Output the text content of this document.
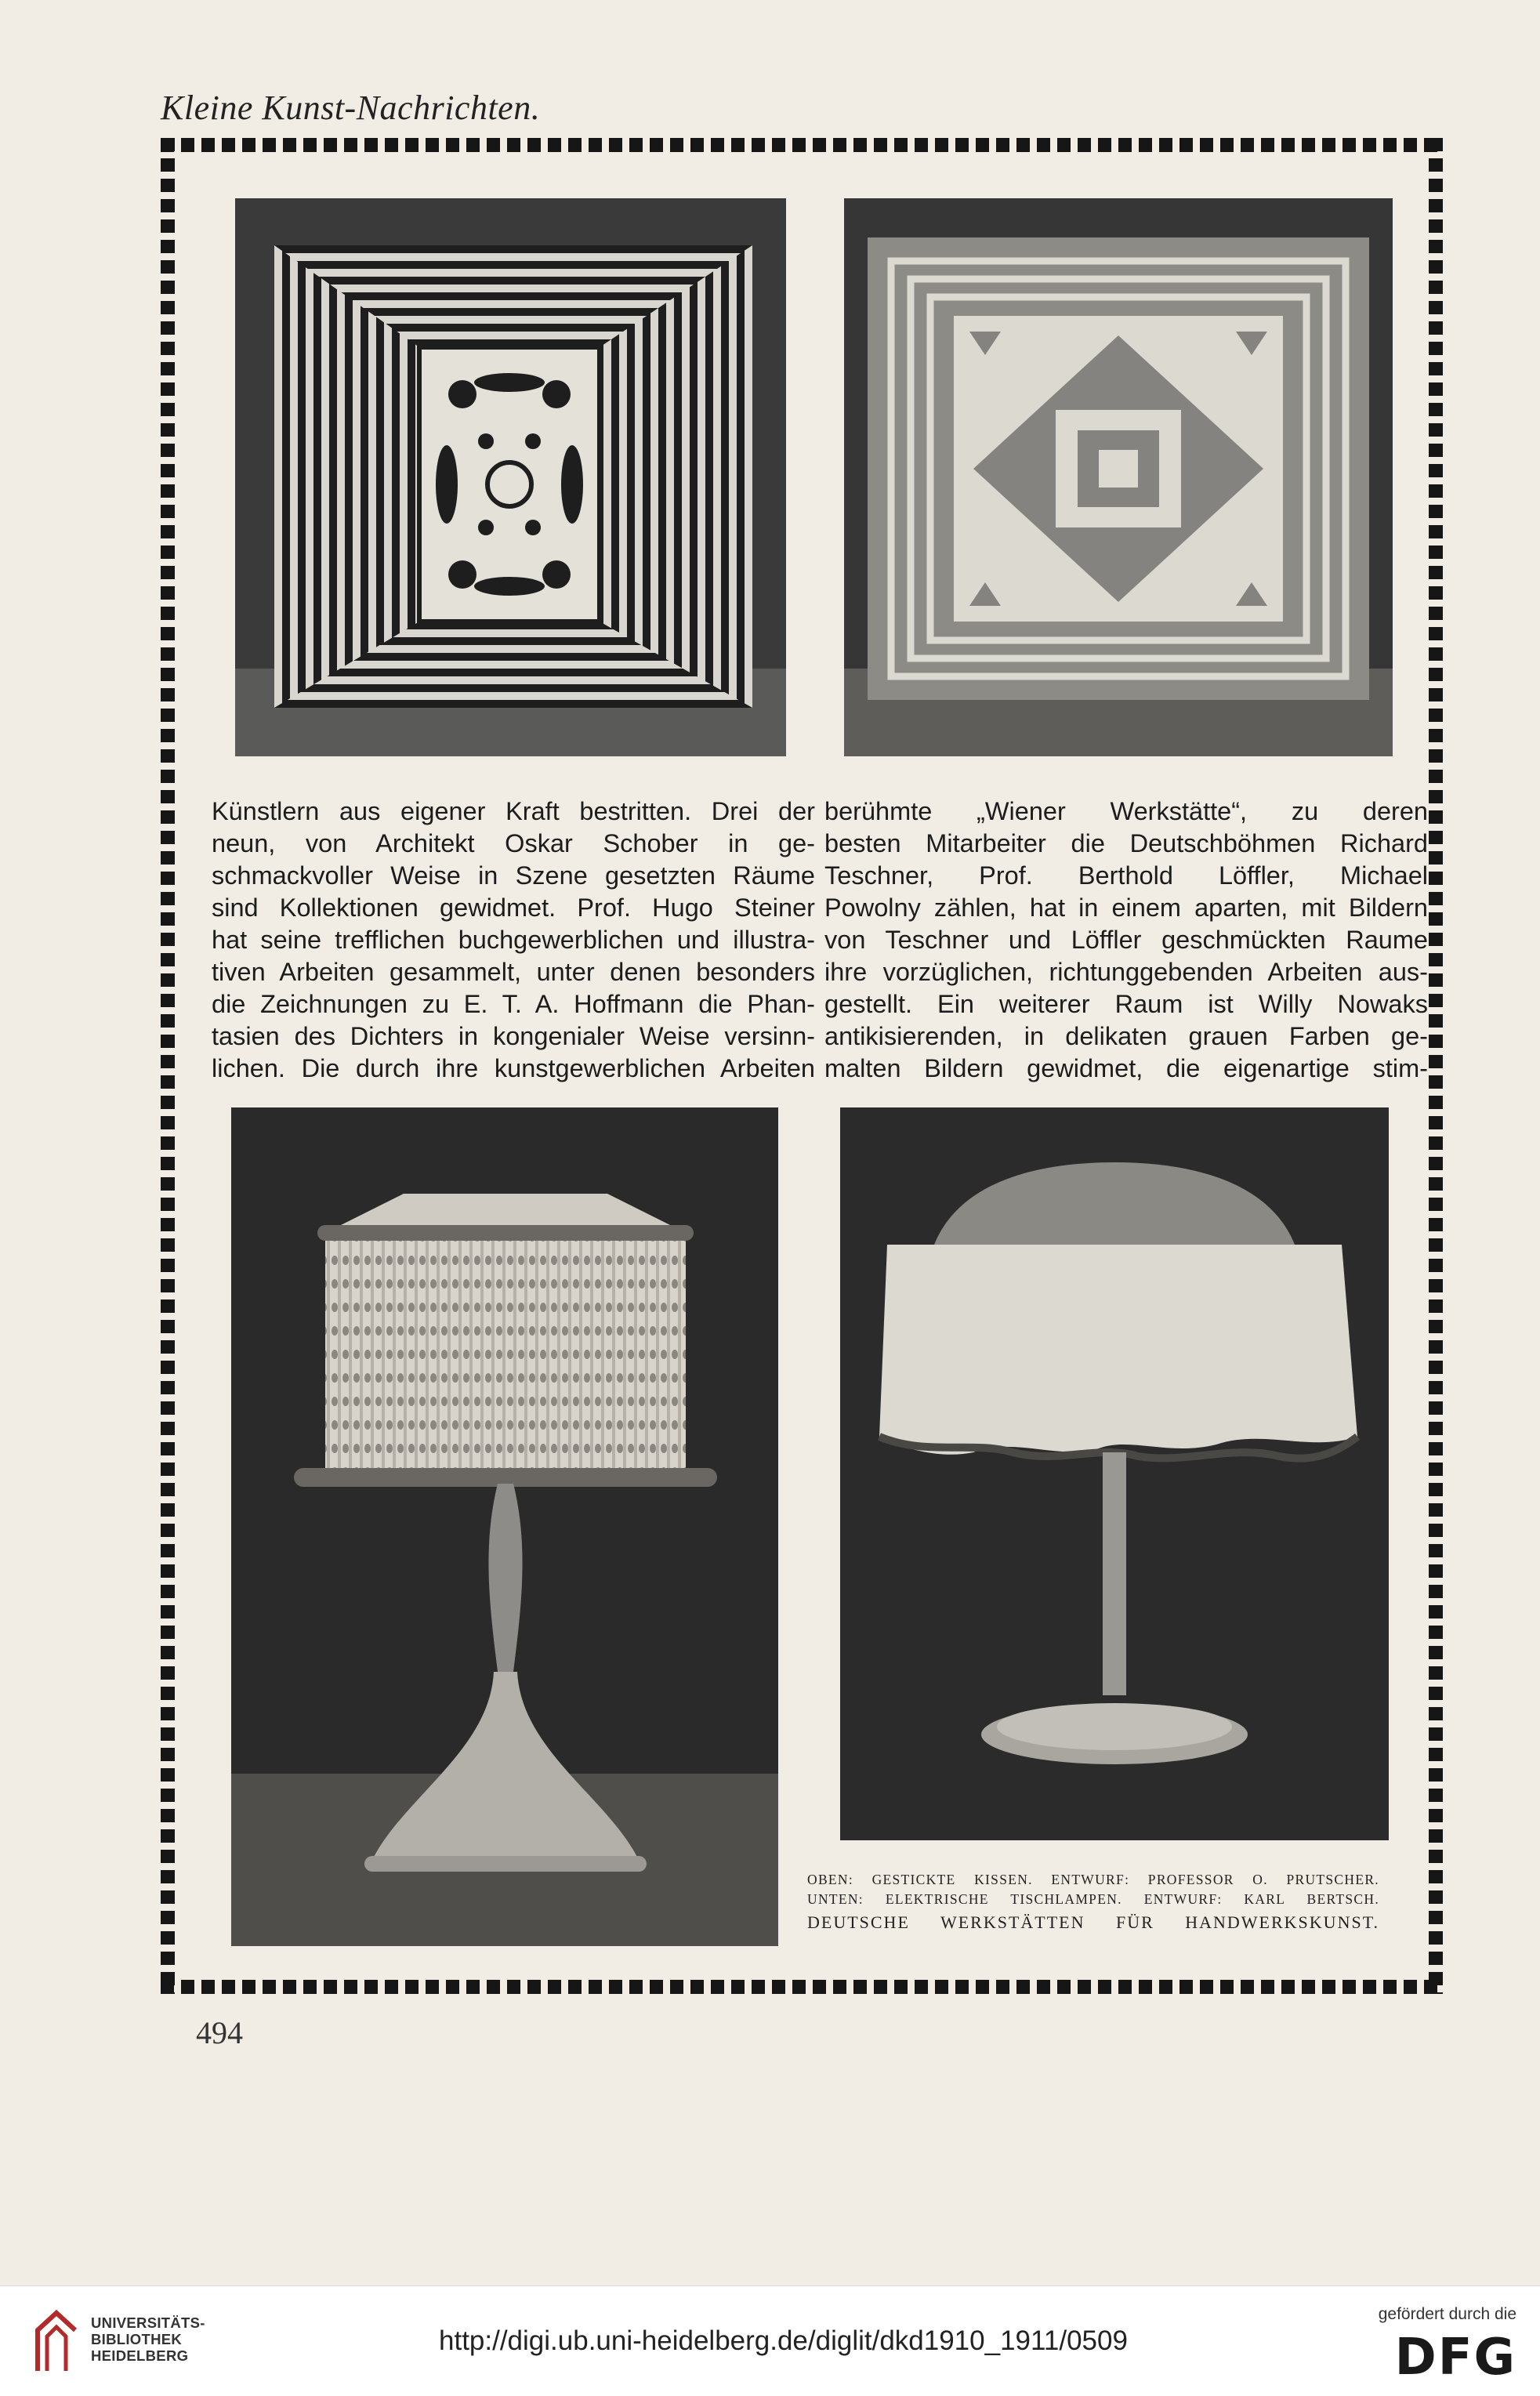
Kleine Kunst-Nachrichten.
Künstlern aus eigener Kraft bestritten. Drei der
neun, von Architekt Oskar Schober in ge-
schmackvoller Weise in Szene gesetzten Räume
sind Kollektionen gewidmet. Prof. Hugo Steiner
hat seine trefflichen buchgewerblichen und illustra-
tiven Arbeiten gesammelt, unter denen besonders
die Zeichnungen zu E. T. A. Hoffmann die Phan-
tasien des Dichters in kongenialer Weise versinn-
lichen. Die durch ihre kunstgewerblichen Arbeiten
berühmte „Wiener Werkstätte“, zu deren
besten Mitarbeiter die Deutschböhmen Richard
Teschner, Prof. Berthold Löffler, Michael
Powolny zählen, hat in einem aparten, mit Bildern
von Teschner und Löffler geschmückten Raume
ihre vorzüglichen, richtunggebenden Arbeiten aus-
gestellt. Ein weiterer Raum ist Willy Nowaks
antikisierenden, in delikaten grauen Farben ge-
malten Bildern gewidmet, die eigenartige stim-
OBEN: GESTICKTE KISSEN. ENTWURF: PROFESSOR O. PRUTSCHER.
UNTEN: ELEKTRISCHE TISCHLAMPEN. ENTWURF: KARL BERTSCH.
DEUTSCHE WERKSTÄTTEN FÜR HANDWERKSKUNST.
494
UNIVERSITÄTS-
BIBLIOTHEK
HEIDELBERG	http://digi.ub.uni-heidelberg.de/diglit/dkd1910_1911/0509
gefördert durch die
DFG
